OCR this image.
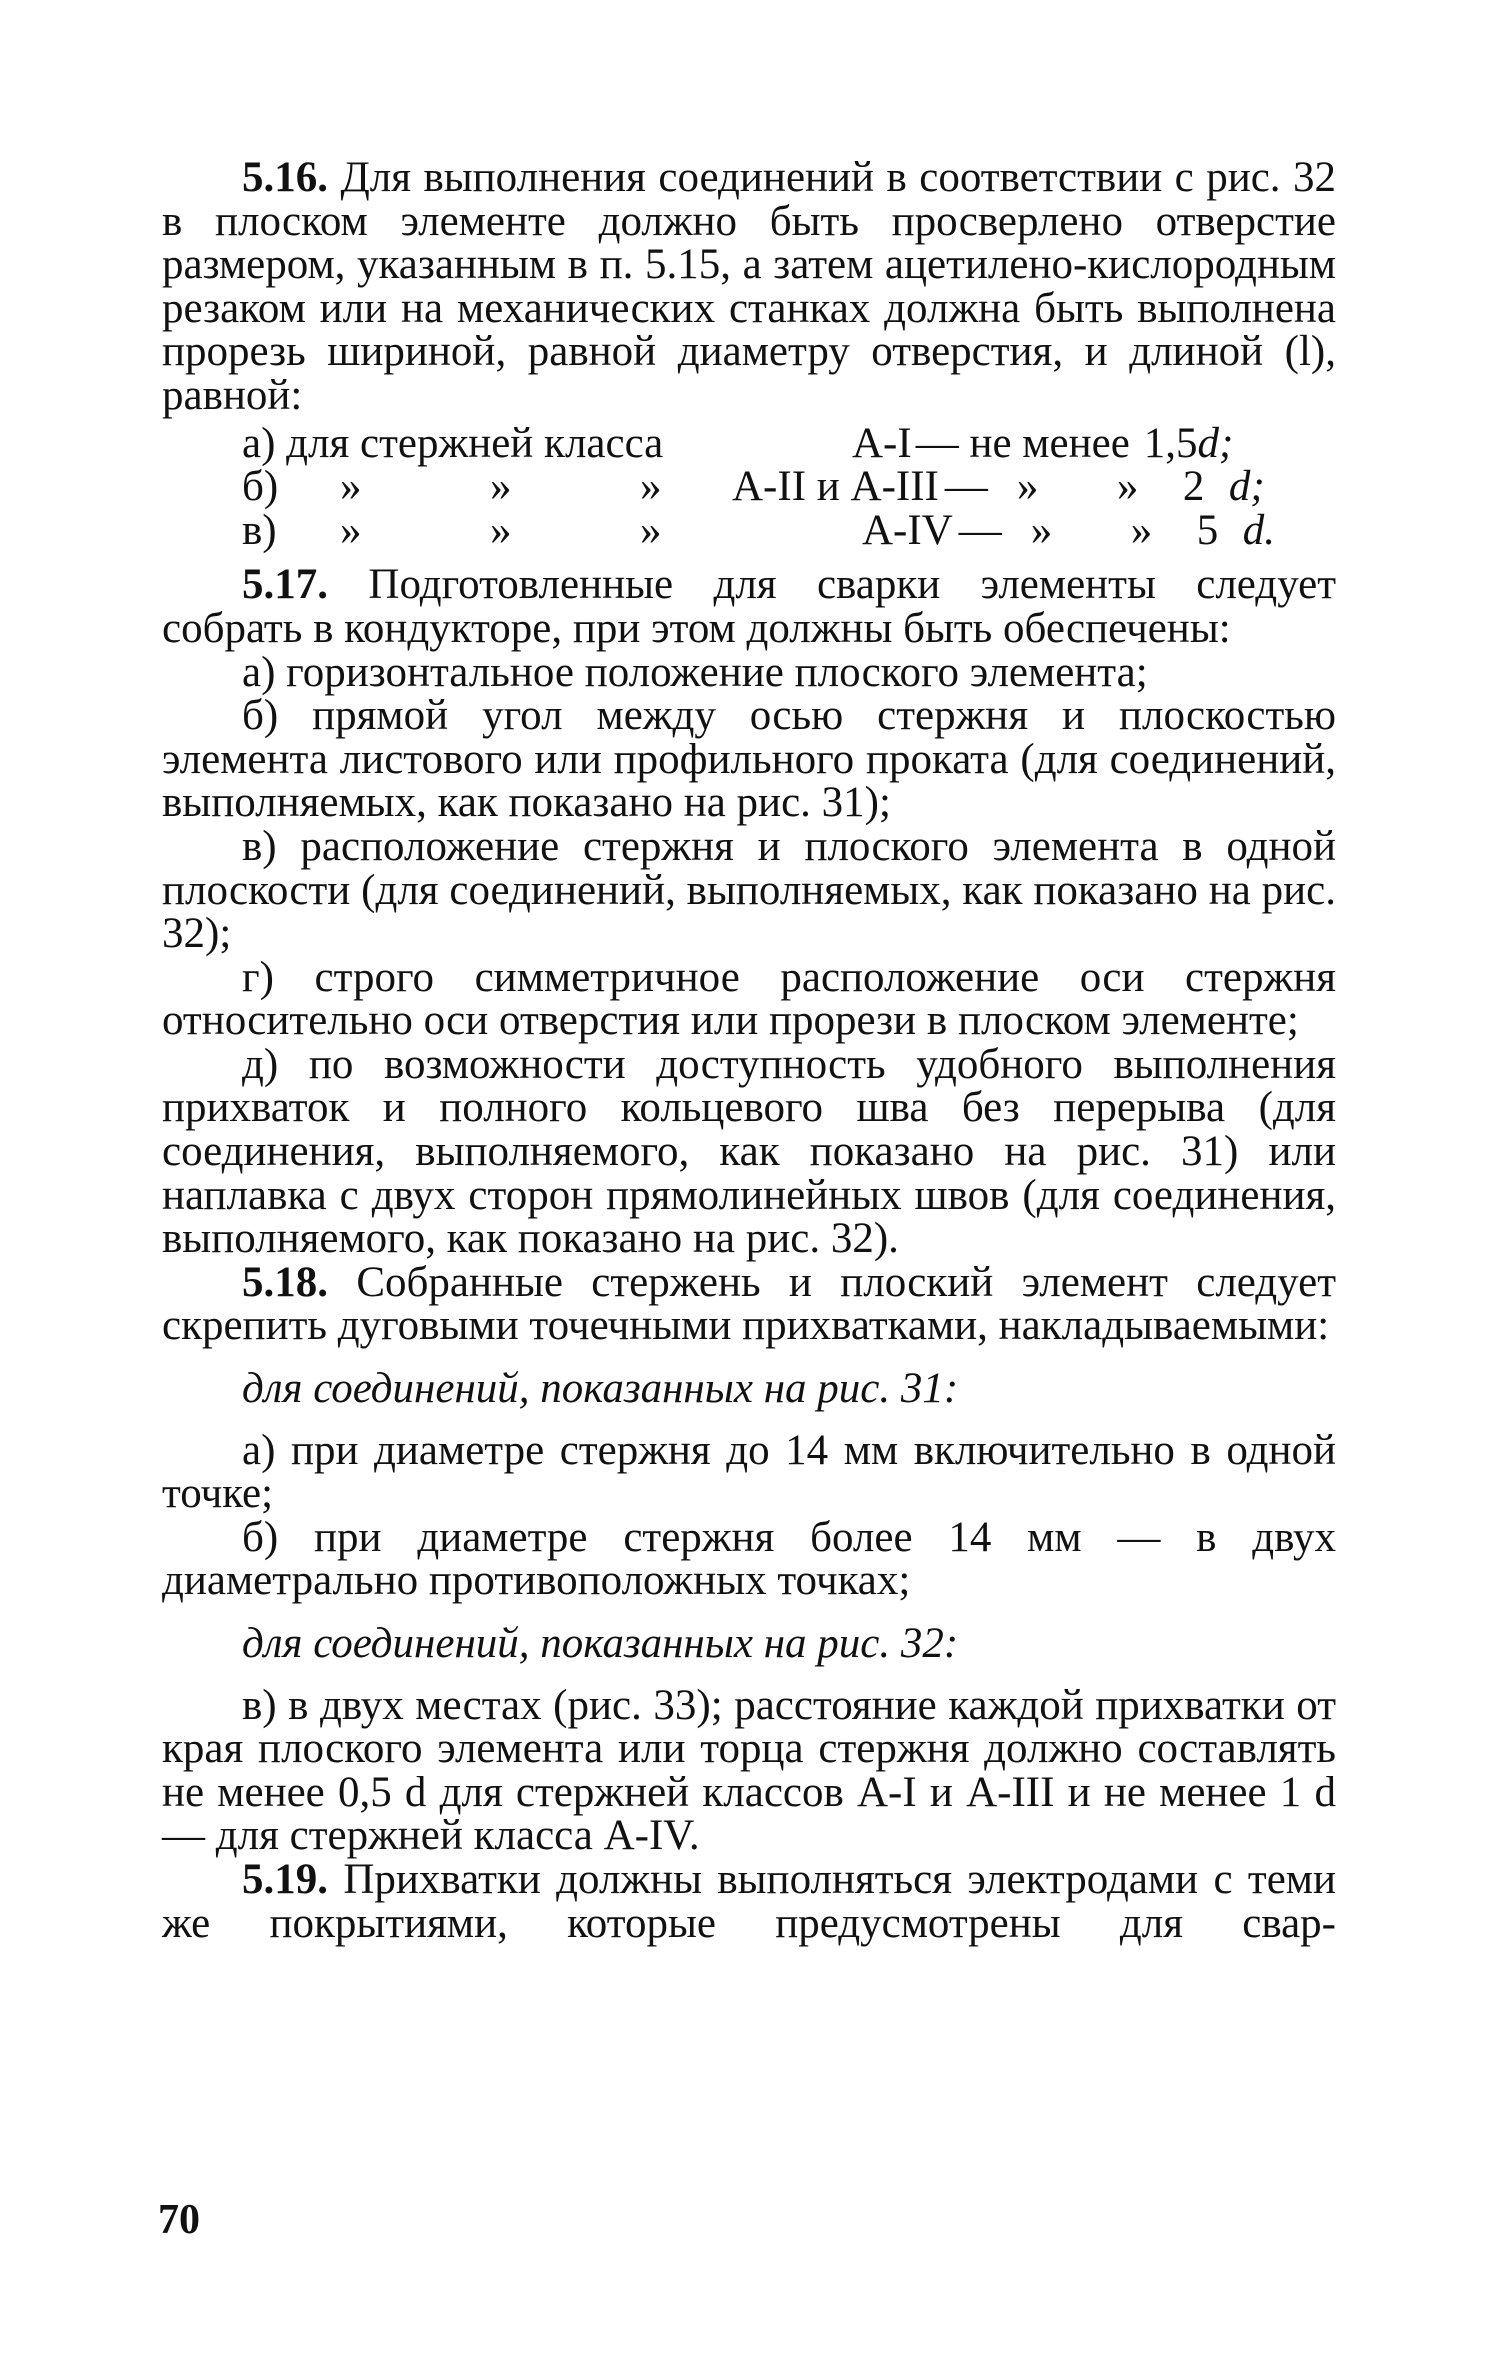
5.16. Для выполнения соединений в соответствии с рис. 32 в плоском элементе должно быть просверлено отверстие размером, указанным в п. 5.15, а затем ацетилено-кислородным резаком или на механических станках должна быть выполнена прорезь шириной, равной диаметру отверстия, и длиной (l), равной:

а) для стержней класса	А-I — не менее 1,5 d;
б)	»	»	»	А-II и А-III — »	»	2 d;
в)	»	»	»	А-IV — »	»	5 d.

5.17. Подготовленные для сварки элементы следует собрать в кондукторе, при этом должны быть обеспечены:

а) горизонтальное положение плоского элемента;

б) прямой угол между осью стержня и плоскостью элемента листового или профильного проката (для соединений, выполняемых, как показано на рис. 31);

в) расположение стержня и плоского элемента в одной плоскости (для соединений, выполняемых, как показано на рис. 32);

г) строго симметричное расположение оси стержня относительно оси отверстия или прорези в плоском элементе;

д) по возможности доступность удобного выполнения прихваток и полного кольцевого шва без перерыва (для соединения, выполняемого, как показано на рис. 31) или наплавка с двух сторон прямолинейных швов (для соединения, выполняемого, как показано на рис. 32).

5.18. Собранные стержень и плоский элемент следует скрепить дуговыми точечными прихватками, накладываемыми:

для соединений, показанных на рис. 31:

а) при диаметре стержня до 14 мм включительно в одной точке;

б) при диаметре стержня более 14 мм — в двух диаметрально противоположных точках;

для соединений, показанных на рис. 32:

в) в двух местах (рис. 33); расстояние каждой прихватки от края плоского элемента или торца стержня должно составлять не менее 0,5 d для стержней классов А-I и А-III и не менее 1 d — для стержней класса А-IV.

5.19. Прихватки должны выполняться электродами с теми же покрытиями, которые предусмотрены для свар-

70
